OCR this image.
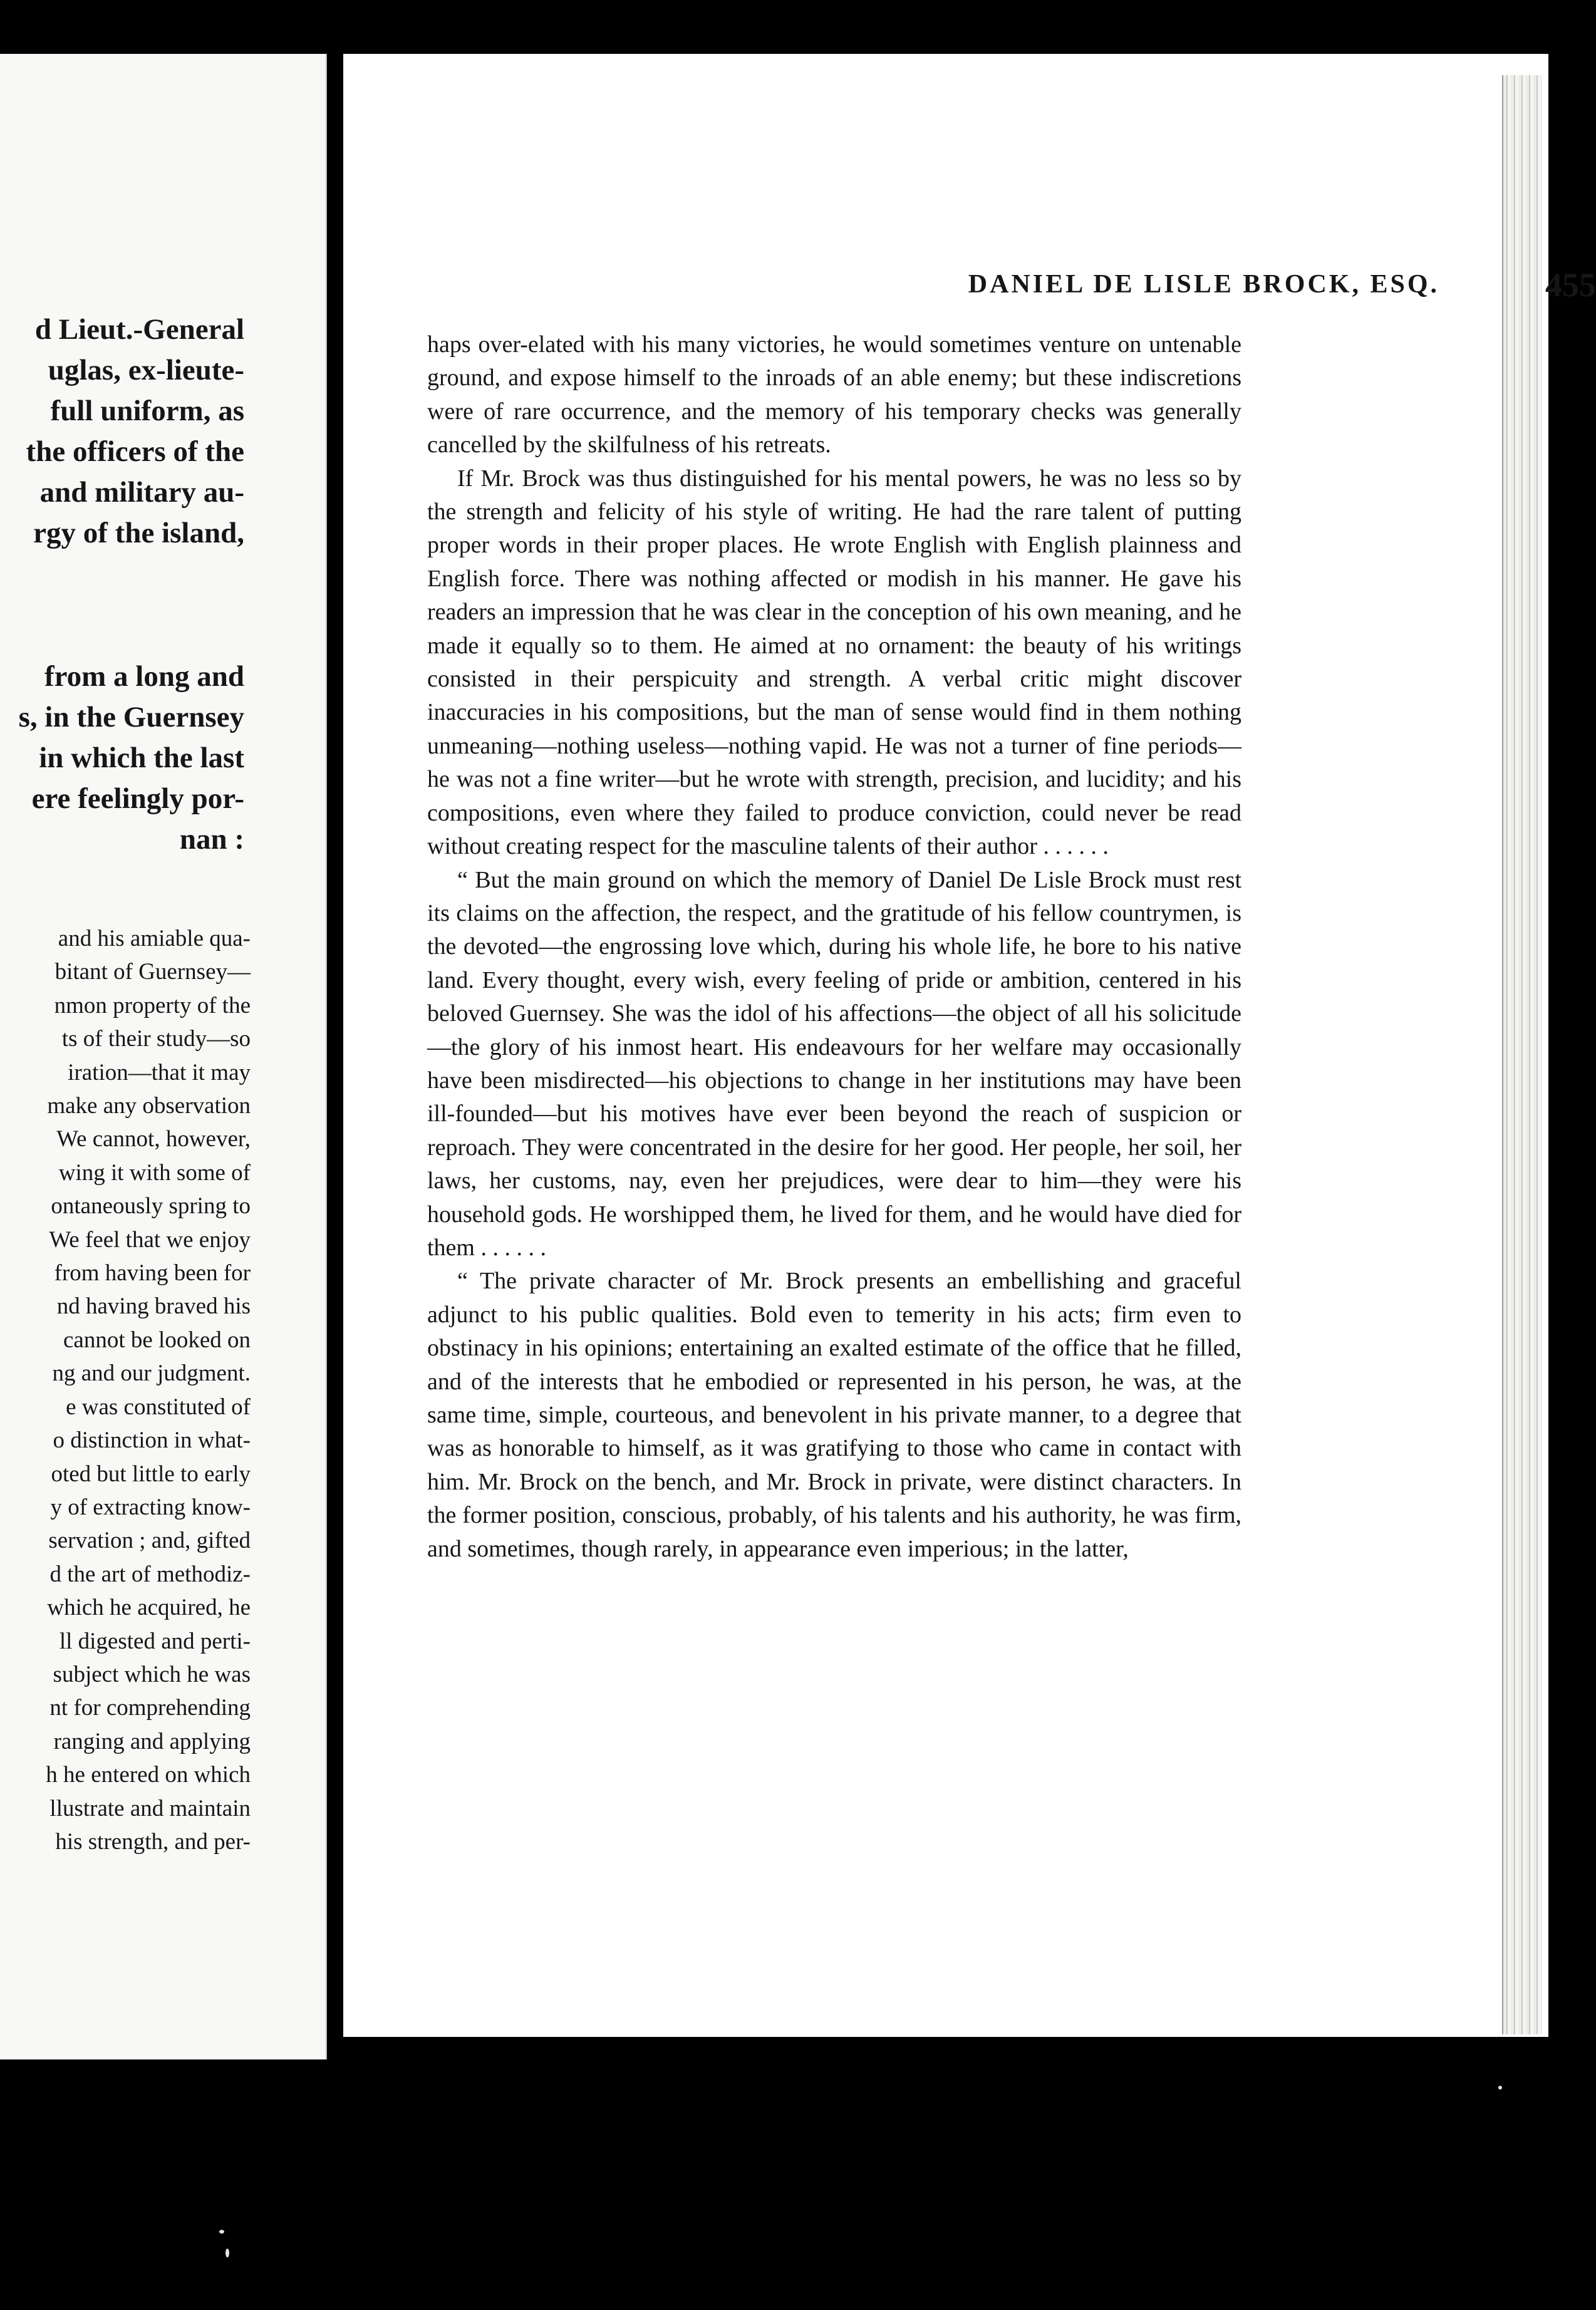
d Lieut.-General
uglas, ex-lieute-
full uniform, as
the officers of the
and military au-
rgy of the island,
from a long and
s, in the Guernsey
in which the last
ere feelingly por-
nan :
and his amiable qua-
bitant of Guernsey—
nmon property of the
ts of their study—so
iration—that it may
make any observation
We cannot, however,
wing it with some of
ontaneously spring to
We feel that we enjoy
from having been for
nd having braved his
cannot be looked on
ng and our judgment.
e was constituted of
o distinction in what-
oted but little to early
y of extracting know-
servation ; and, gifted
d the art of methodiz-
which he acquired, he
ll digested and perti-
subject which he was
nt for comprehending
ranging and applying
h he entered on which
llustrate and maintain
his strength, and per-
DANIEL DE LISLE BROCK, ESQ.	455
haps over-elated with his many victories, he would sometimes venture on untenable ground, and expose himself to the inroads of an able enemy; but these indiscretions were of rare occurrence, and the memory of his temporary checks was generally cancelled by the skilfulness of his retreats.
If Mr. Brock was thus distinguished for his mental powers, he was no less so by the strength and felicity of his style of writing. He had the rare talent of putting proper words in their proper places. He wrote English with English plainness and English force. There was nothing affected or modish in his manner. He gave his readers an impression that he was clear in the conception of his own meaning, and he made it equally so to them. He aimed at no ornament: the beauty of his writings consisted in their perspicuity and strength. A verbal critic might discover inaccuracies in his compositions, but the man of sense would find in them nothing unmeaning—nothing useless—nothing vapid. He was not a turner of fine periods—he was not a fine writer—but he wrote with strength, precision, and lucidity; and his compositions, even where they failed to produce conviction, could never be read without creating respect for the masculine talents of their author . . . . . .
“ But the main ground on which the memory of Daniel De Lisle Brock must rest its claims on the affection, the respect, and the gratitude of his fellow countrymen, is the devoted—the engrossing love which, during his whole life, he bore to his native land. Every thought, every wish, every feeling of pride or ambition, centered in his beloved Guernsey. She was the idol of his affections—the object of all his solicitude—the glory of his inmost heart. His endeavours for her welfare may occasionally have been misdirected—his objections to change in her institutions may have been ill-founded—but his motives have ever been beyond the reach of suspicion or reproach. They were concentrated in the desire for her good. Her people, her soil, her laws, her customs, nay, even her prejudices, were dear to him—they were his household gods. He worshipped them, he lived for them, and he would have died for them . . . . . .
“ The private character of Mr. Brock presents an embellishing and graceful adjunct to his public qualities. Bold even to temerity in his acts; firm even to obstinacy in his opinions; entertaining an exalted estimate of the office that he filled, and of the interests that he embodied or represented in his person, he was, at the same time, simple, courteous, and benevolent in his private manner, to a degree that was as honorable to himself, as it was gratifying to those who came in contact with him. Mr. Brock on the bench, and Mr. Brock in private, were distinct characters. In the former position, conscious, probably, of his talents and his authority, he was firm, and sometimes, though rarely, in appearance even imperious; in the latter,
